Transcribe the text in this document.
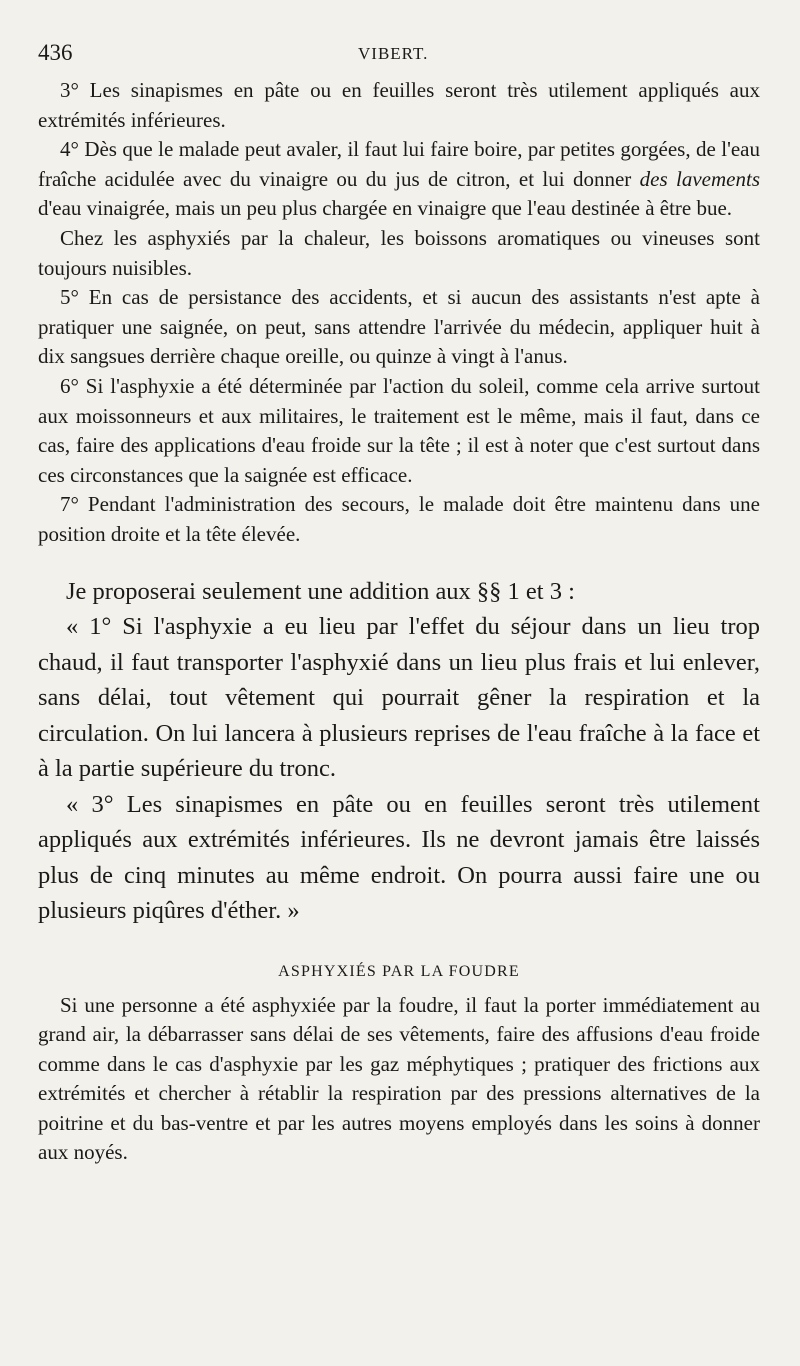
436	VIBERT.

3° Les sinapismes en pâte ou en feuilles seront très utilement appliqués aux extrémités inférieures.

4° Dès que le malade peut avaler, il faut lui faire boire, par petites gorgées, de l'eau fraîche acidulée avec du vinaigre ou du jus de citron, et lui donner des lavements d'eau vinaigrée, mais un peu plus chargée en vinaigre que l'eau destinée à être bue.

Chez les asphyxiés par la chaleur, les boissons aromatiques ou vineuses sont toujours nuisibles.

5° En cas de persistance des accidents, et si aucun des assistants n'est apte à pratiquer une saignée, on peut, sans attendre l'arrivée du médecin, appliquer huit à dix sangsues derrière chaque oreille, ou quinze à vingt à l'anus.

6° Si l'asphyxie a été déterminée par l'action du soleil, comme cela arrive surtout aux moissonneurs et aux militaires, le traitement est le même, mais il faut, dans ce cas, faire des applications d'eau froide sur la tête ; il est à noter que c'est surtout dans ces circonstances que la saignée est efficace.

7° Pendant l'administration des secours, le malade doit être maintenu dans une position droite et la tête élevée.

Je proposerai seulement une addition aux §§ 1 et 3 :

« 1° Si l'asphyxie a eu lieu par l'effet du séjour dans un lieu trop chaud, il faut transporter l'asphyxié dans un lieu plus frais et lui enlever, sans délai, tout vêtement qui pourrait gêner la respiration et la circulation. On lui lancera à plusieurs reprises de l'eau fraîche à la face et à la partie supérieure du tronc.

« 3° Les sinapismes en pâte ou en feuilles seront très utilement appliqués aux extrémités inférieures. Ils ne devront jamais être laissés plus de cinq minutes au même endroit. On pourra aussi faire une ou plusieurs piqûres d'éther. »

ASPHYXIÉS PAR LA FOUDRE

Si une personne a été asphyxiée par la foudre, il faut la porter immédiatement au grand air, la débarrasser sans délai de ses vêtements, faire des affusions d'eau froide comme dans le cas d'asphyxie par les gaz méphytiques ; pratiquer des frictions aux extrémités et chercher à rétablir la respiration par des pressions alternatives de la poitrine et du bas-ventre et par les autres moyens employés dans les soins à donner aux noyés.
